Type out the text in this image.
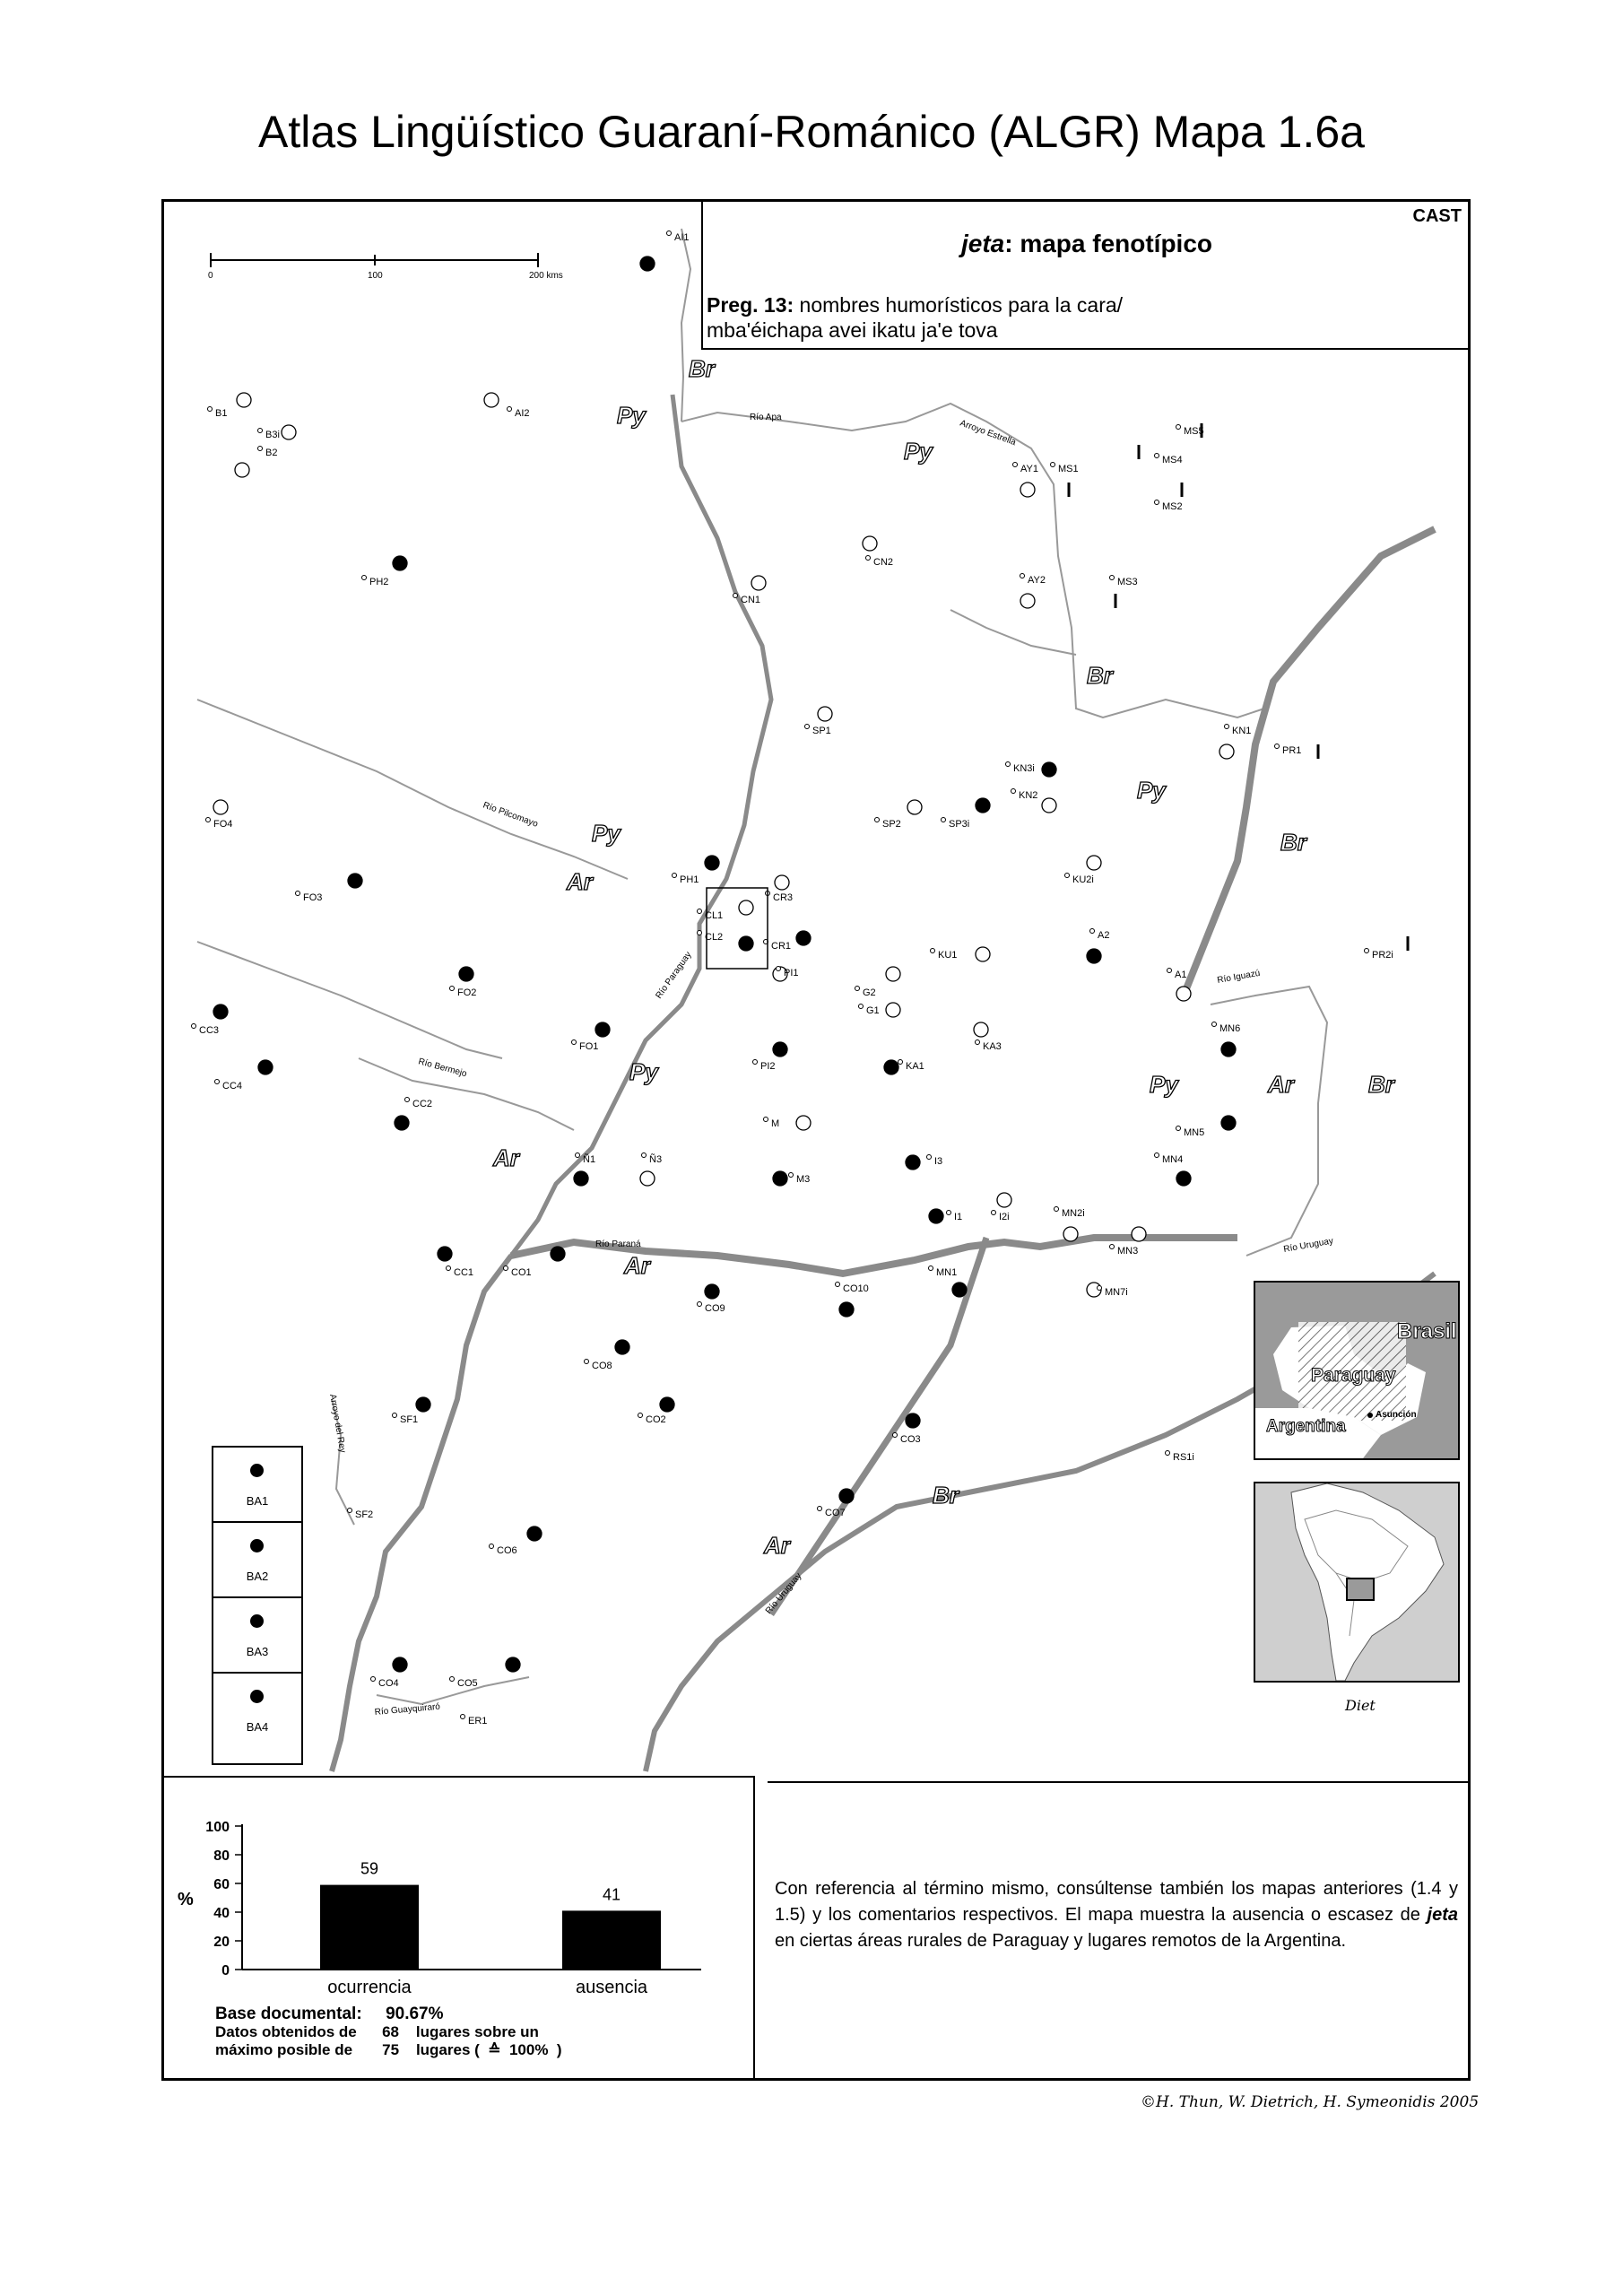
Atlas Lingüístico Guaraní-Románico (ALGR) Mapa 1.6a
0	100	200 kms
Br
Py
Py
Br
Py
Br
Py
Ar
Py	Py	Ar	Br
Ar
Ar
Br
Ar
Río Apa
Arroyo Estrella
Río Pilcomayo
Río Paraguay
Río Bermejo
Río Paraná
Río Iguazú
Río Uruguay
Arroyo del Rey
Río Guayquiraró
Río Uruguay
AI1
AI2
B1
B3i
B2
MS5
MS4
AY1 MS1
MS2
PH2
CN2
CN1
AY2	MS3
SP1	KN1
PR1
KN3i
KN2
FO4	SP2	SP3i
PH1
FO3	CR3
KU2i
CL1
CL2
CR1
KU1
A2
PR2i
PI1
G2
A1
FO2
G1
CC3	MN6
FO1	KA3
PI2	KA1
CC4
CC2
M
MN5
Ñ1	Ñ3	I3	MN4
M3
MN2i
I1	I2i
MN3
CC1	CO1	MN1
CO10	MN7i
CO9
CO8
SF1	CO2
CO3
RS1i
SF2	CO7
CO6
CO4	CO5
ER1
CAST
jeta: mapa fenotípico
Preg. 13: nombres humorísticos para la cara/
mba'éichapa avei ikatu ja'e tova
BA1
BA2
BA3
BA4
Brasil
Paraguay
Argentina
Asunción
Diet
%
0
20
40
60
80
100
59
ocurrencia
41
ausencia
Base documental: 90.67%
Datos obtenidos de 68 lugares sobre un
máximo posible de 75 lugares ( ≙ 100%  )
Con referencia al término mismo, consúltense también los mapas anteriores (1.4 y 1.5) y los comentarios respectivos. El mapa muestra la ausencia o escasez de jeta en ciertas áreas rurales de Paraguay y lugares remotos de la Argentina.
©H. Thun, W. Dietrich, H. Symeonidis 2005
